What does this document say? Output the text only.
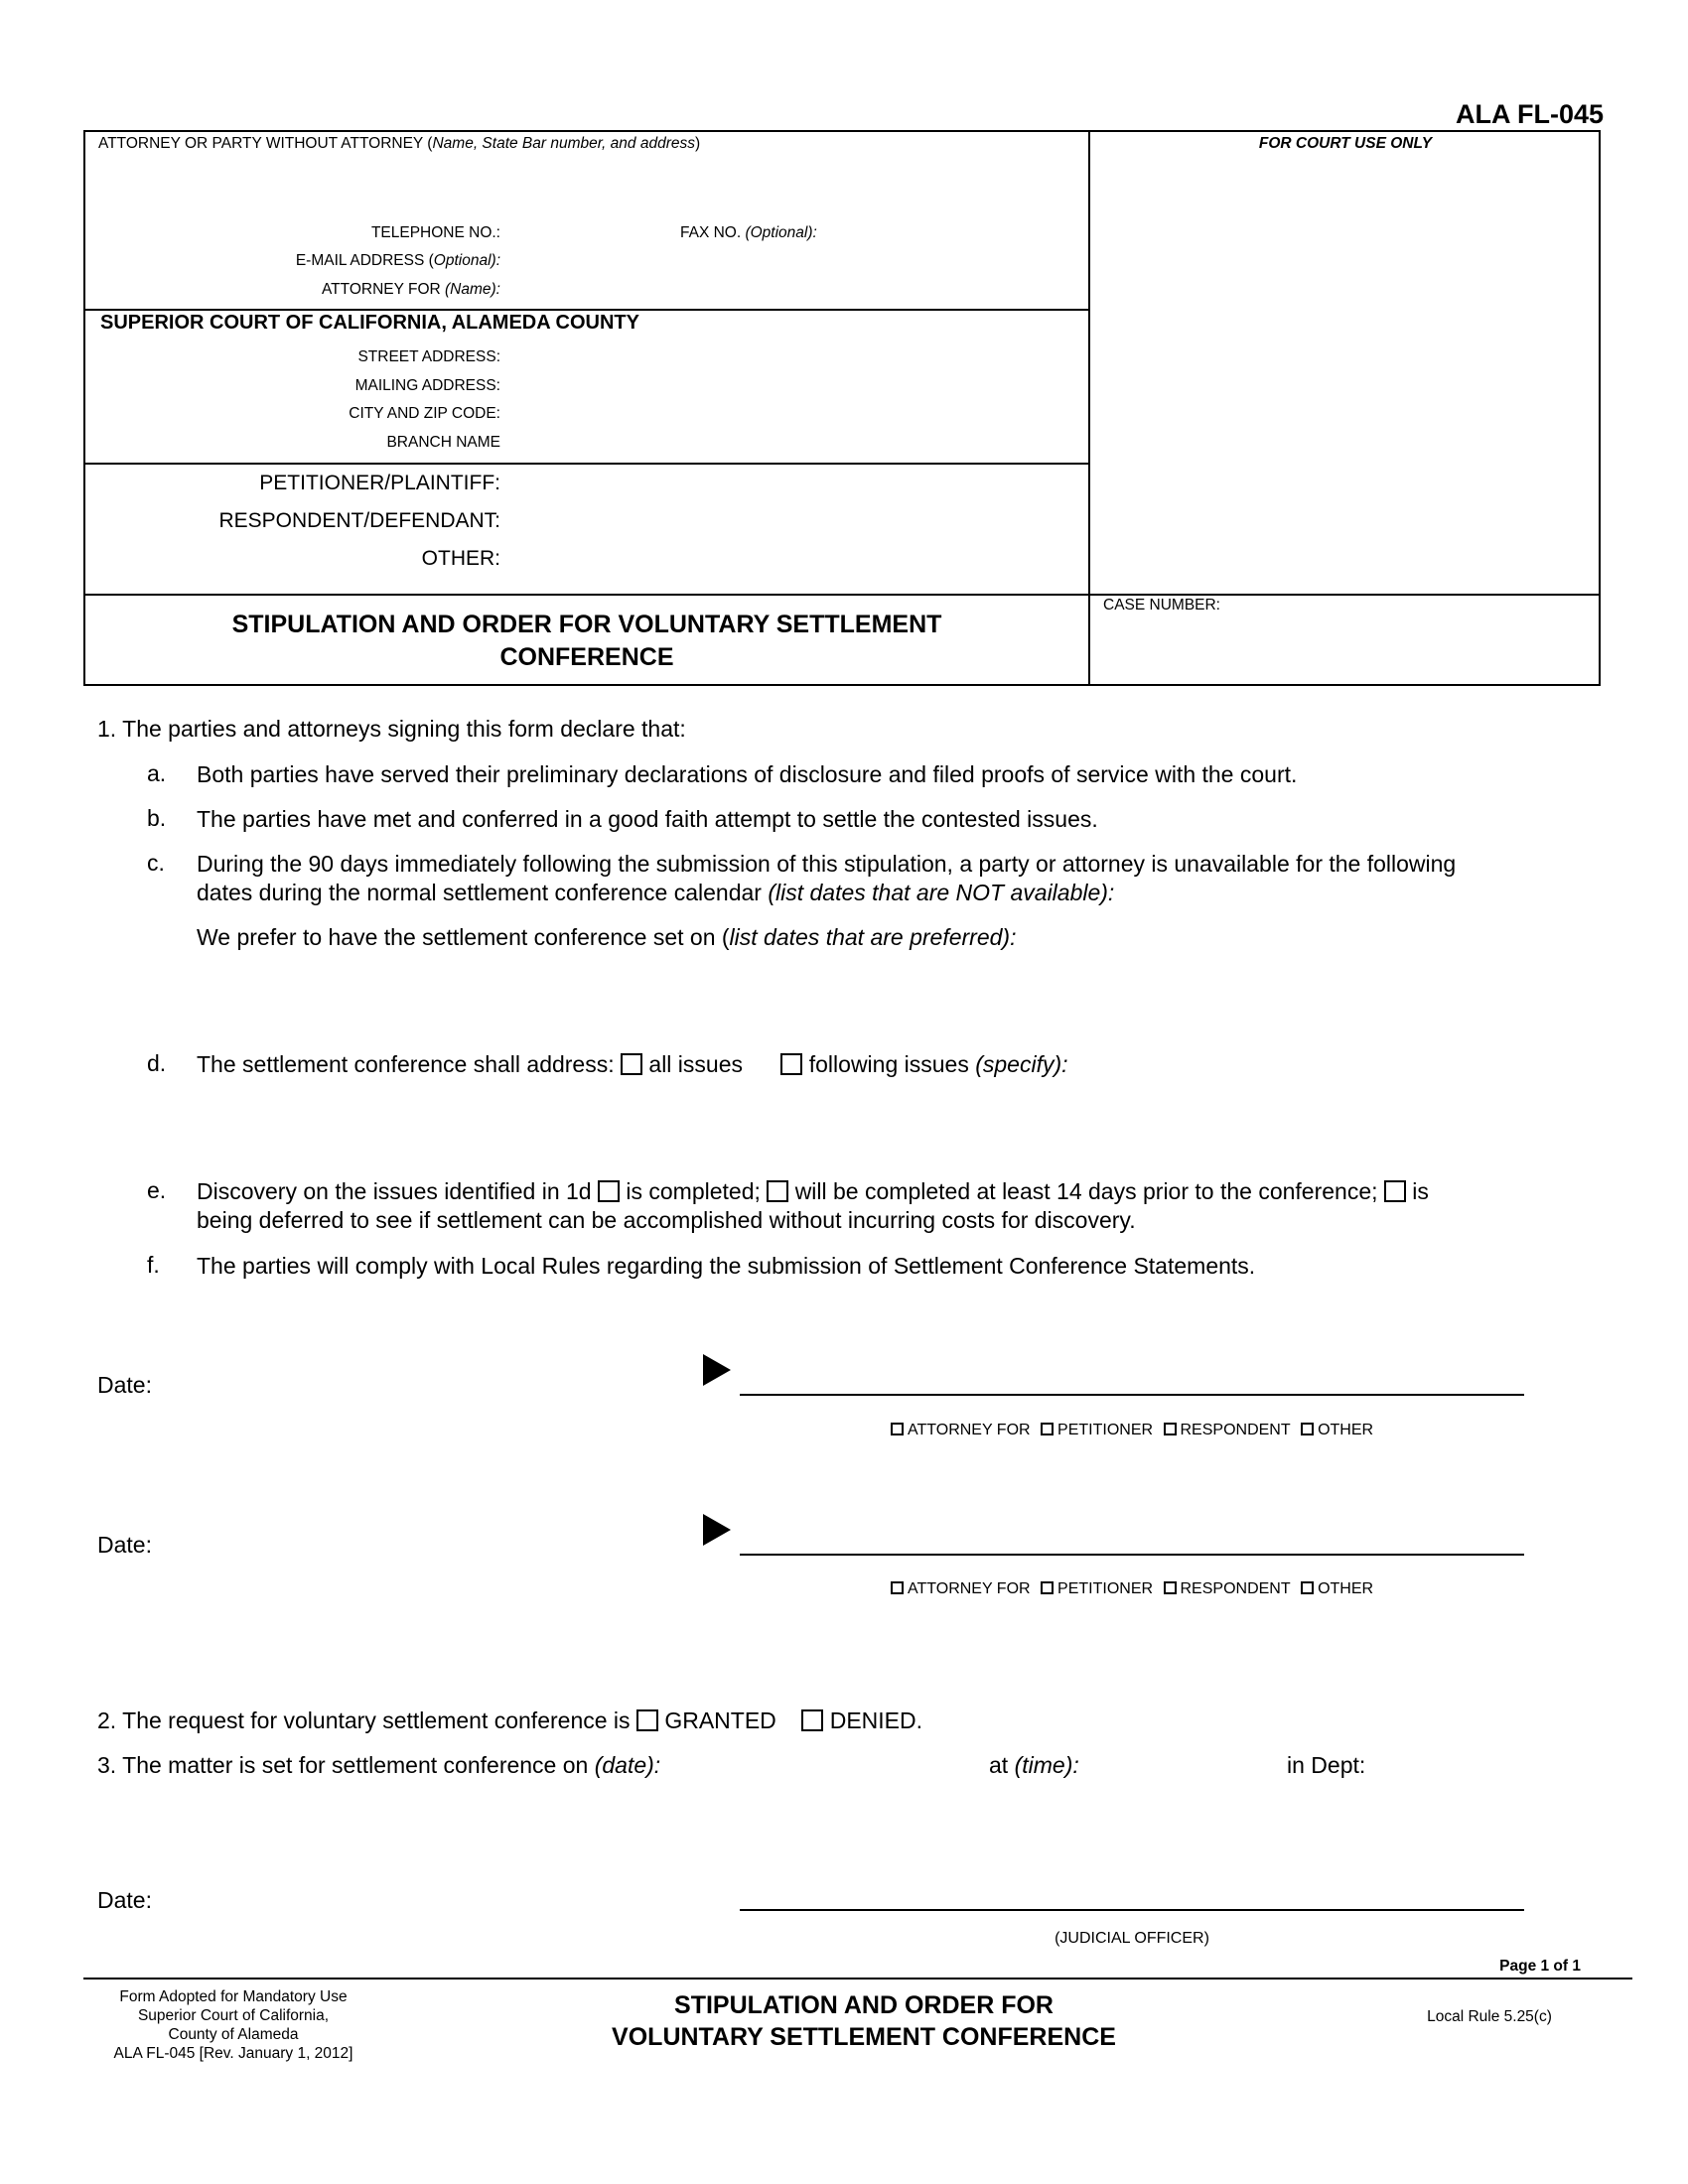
ALA FL-045
ATTORNEY OR PARTY WITHOUT ATTORNEY (Name, State Bar number, and address)	FOR COURT USE ONLY
TELEPHONE NO.:	FAX NO. (Optional):
E-MAIL ADDRESS (Optional):
ATTORNEY FOR (Name):
SUPERIOR COURT OF CALIFORNIA, ALAMEDA COUNTY
STREET ADDRESS:
MAILING ADDRESS:
CITY AND ZIP CODE:
BRANCH NAME
PETITIONER/PLAINTIFF:
RESPONDENT/DEFENDANT:
OTHER:
CASE NUMBER:
STIPULATION AND ORDER FOR VOLUNTARY SETTLEMENT
CONFERENCE
1. The parties and attorneys signing this form declare that:
a. Both parties have served their preliminary declarations of disclosure and filed proofs of service with the court.
b. The parties have met and conferred in a good faith attempt to settle the contested issues.
c. During the 90 days immediately following the submission of this stipulation, a party or attorney is unavailable for the following
dates during the normal settlement conference calendar (list dates that are NOT available):
We prefer to have the settlement conference set on (list dates that are preferred):
d. The settlement conference shall address: all issues	following issues (specify):
e. Discovery on the issues identified in 1d is completed; will be completed at least 14 days prior to the conference; is
being deferred to see if settlement can be accomplished without incurring costs for discovery.
f. The parties will comply with Local Rules regarding the submission of Settlement Conference Statements.
Date:
ATTORNEY FOR PETITIONER RESPONDENT OTHER
Date:
ATTORNEY FOR PETITIONER RESPONDENT OTHER
2. The request for voluntary settlement conference is GRANTED DENIED.
3. The matter is set for settlement conference on (date):	at (time):	in Dept:
Date:
(JUDICIAL OFFICER)
Page 1 of 1
Form Adopted for Mandatory Use
Superior Court of California,
County of Alameda
ALA FL-045 [Rev. January 1, 2012]
STIPULATION AND ORDER FOR
VOLUNTARY SETTLEMENT CONFERENCE
Local Rule 5.25(c)
